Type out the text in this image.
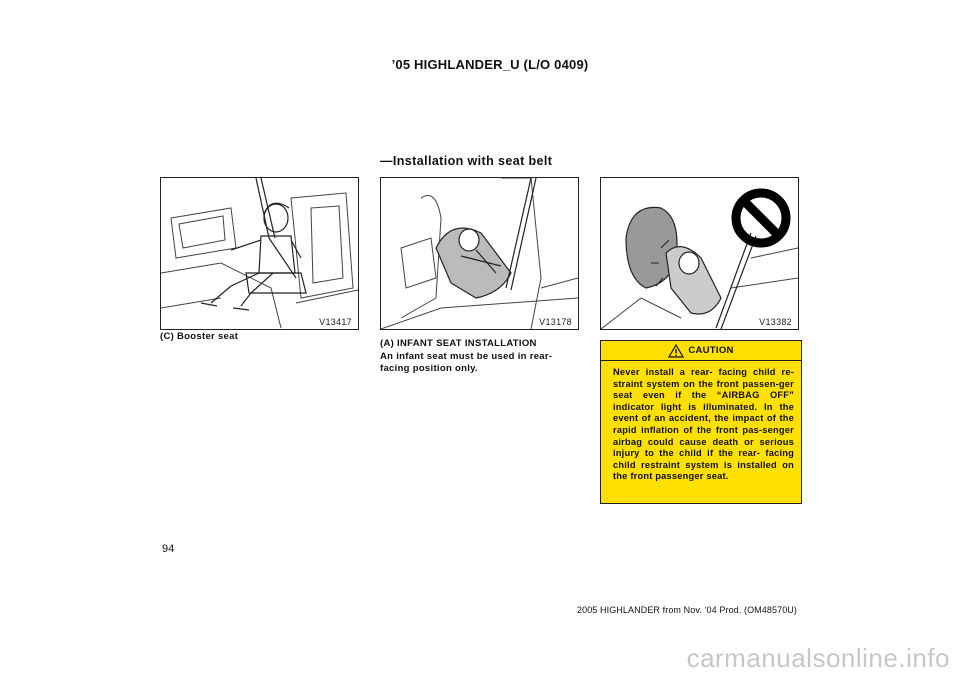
’05 HIGHLANDER_U (L/O 0409)
—Installation with seat belt
V13417
(C) Booster seat
V13178
(A) INFANT SEAT INSTALLATION
An infant seat must be used in rear-facing position only.
V13382
CAUTION
Never install a rear- facing child re-straint system on the front passen-ger seat even if the “AIRBAG OFF” indicator light is illuminated. In the event of an accident, the impact of the rapid inflation of the front pas-senger airbag could cause death or serious injury to the child if the rear- facing child restraint system is installed on the front passenger seat.
94
2005 HIGHLANDER from Nov. ’04 Prod. (OM48570U)
carmanualsonline.info
